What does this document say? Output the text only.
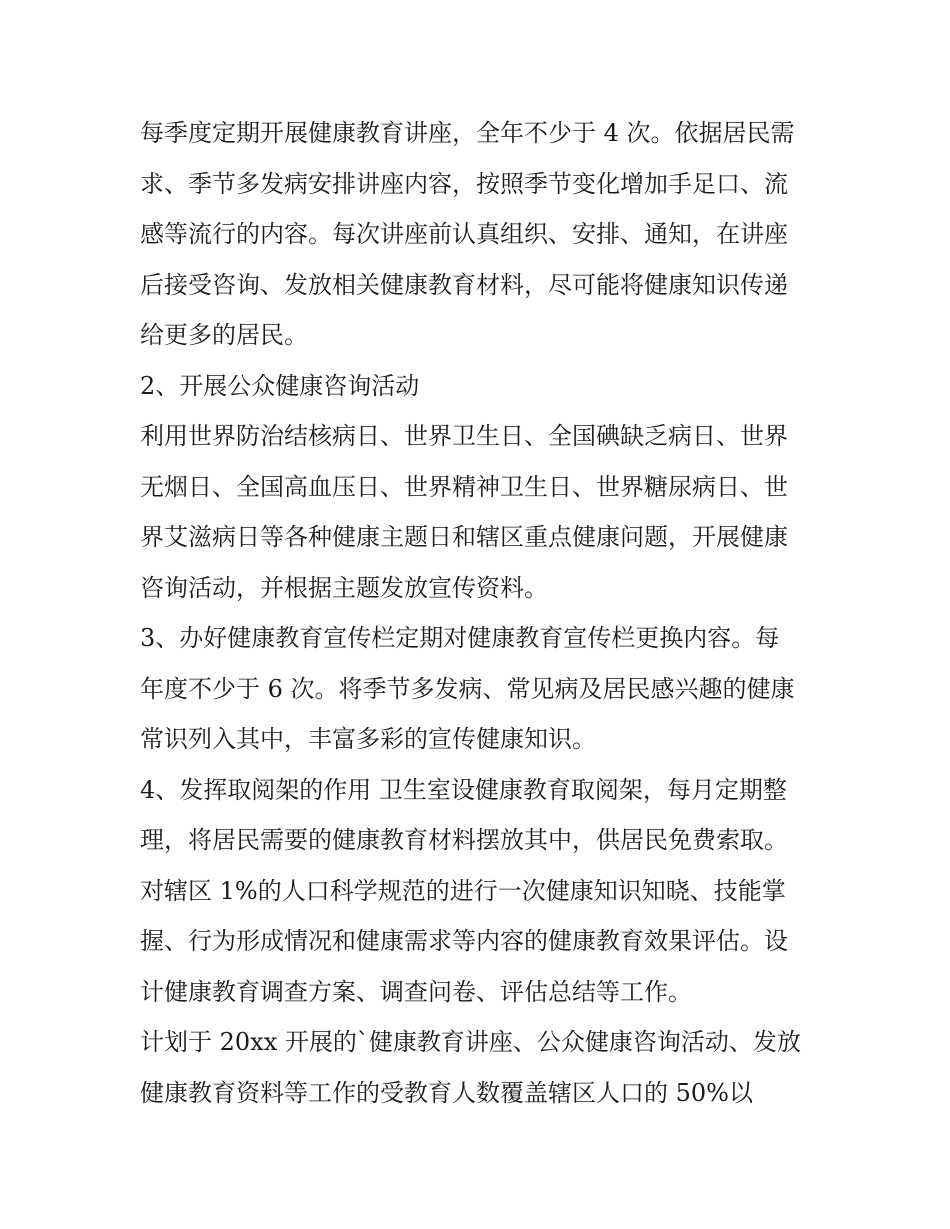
每季度定期开展健康教育讲座，全年不少于 4 次。依据居民需

求、季节多发病安排讲座内容，按照季节变化增加手足口、流

感等流行的内容。每次讲座前认真组织、安排、通知，在讲座

后接受咨询、发放相关健康教育材料，尽可能将健康知识传递

给更多的居民。

2、开展公众健康咨询活动

利用世界防治结核病日、世界卫生日、全国碘缺乏病日、世界

无烟日、全国高血压日、世界精神卫生日、世界糖尿病日、世

界艾滋病日等各种健康主题日和辖区重点健康问题，开展健康

咨询活动，并根据主题发放宣传资料。

3、办好健康教育宣传栏定期对健康教育宣传栏更换内容。每

年度不少于 6 次。将季节多发病、常见病及居民感兴趣的健康

常识列入其中，丰富多彩的宣传健康知识。

4、发挥取阅架的作用 卫生室设健康教育取阅架，每月定期整

理，将居民需要的健康教育材料摆放其中，供居民免费索取。

对辖区 1%的人口科学规范的进行一次健康知识知晓、技能掌

握、行为形成情况和健康需求等内容的健康教育效果评估。设

计健康教育调查方案、调查问卷、评估总结等工作。

计划于 20xx 开展的`健康教育讲座、公众健康咨询活动、发放

健康教育资料等工作的受教育人数覆盖辖区人口的 50%以
